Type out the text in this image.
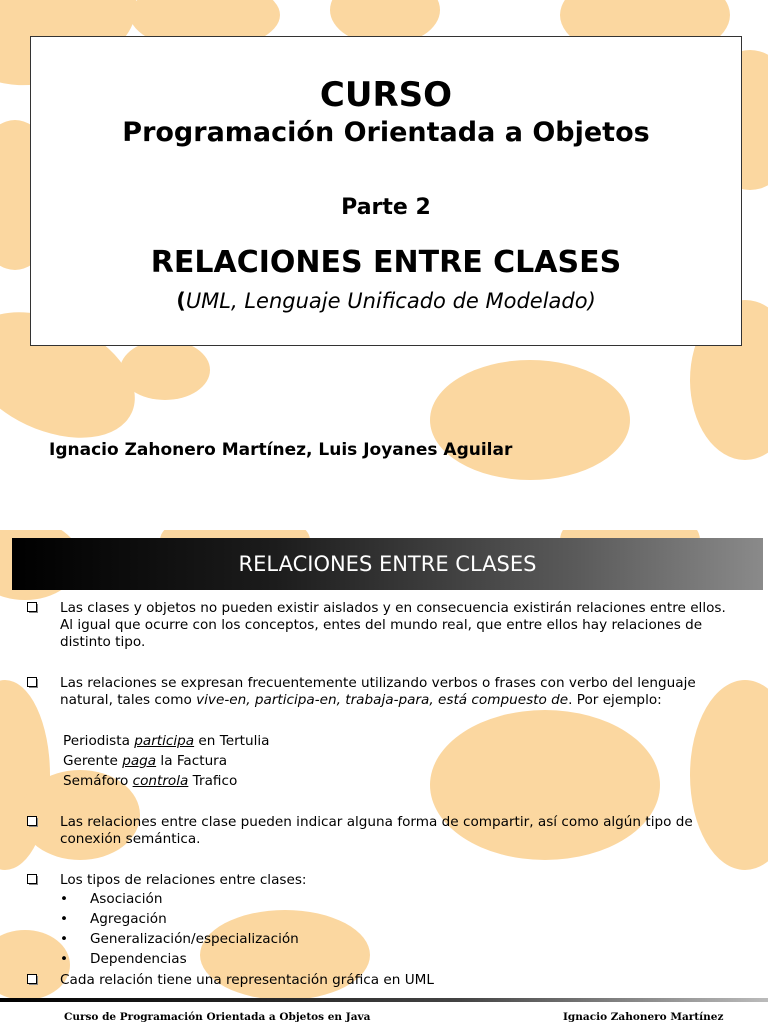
CURSO
Programación Orientada a Objetos
Parte 2
RELACIONES ENTRE CLASES
(UML, Lenguaje Unificado de Modelado)
Ignacio Zahonero Martínez, Luis Joyanes Aguilar
RELACIONES ENTRE CLASES
Las clases y objetos no pueden existir aislados y en consecuencia existirán relaciones entre ellos.
Al igual que ocurre con los conceptos, entes del mundo real, que entre ellos hay relaciones de
distinto tipo.
Las relaciones se expresan frecuentemente utilizando verbos o frases con verbo del lenguaje
natural, tales como vive-en, participa-en, trabaja-para, está compuesto de. Por ejemplo:
Periodista participa en Tertulia
Gerente paga la Factura
Semáforo controla Trafico
Las relaciones entre clase pueden indicar alguna forma de compartir, así como algún tipo de
conexión semántica.
Los tipos de relaciones entre clases:
• Asociación
• Agregación
• Generalización/especialización
• Dependencias
Cada relación tiene una representación gráfica en UML
Curso de Programación Orientada a Objetos en Java	Ignacio Zahonero Martínez
